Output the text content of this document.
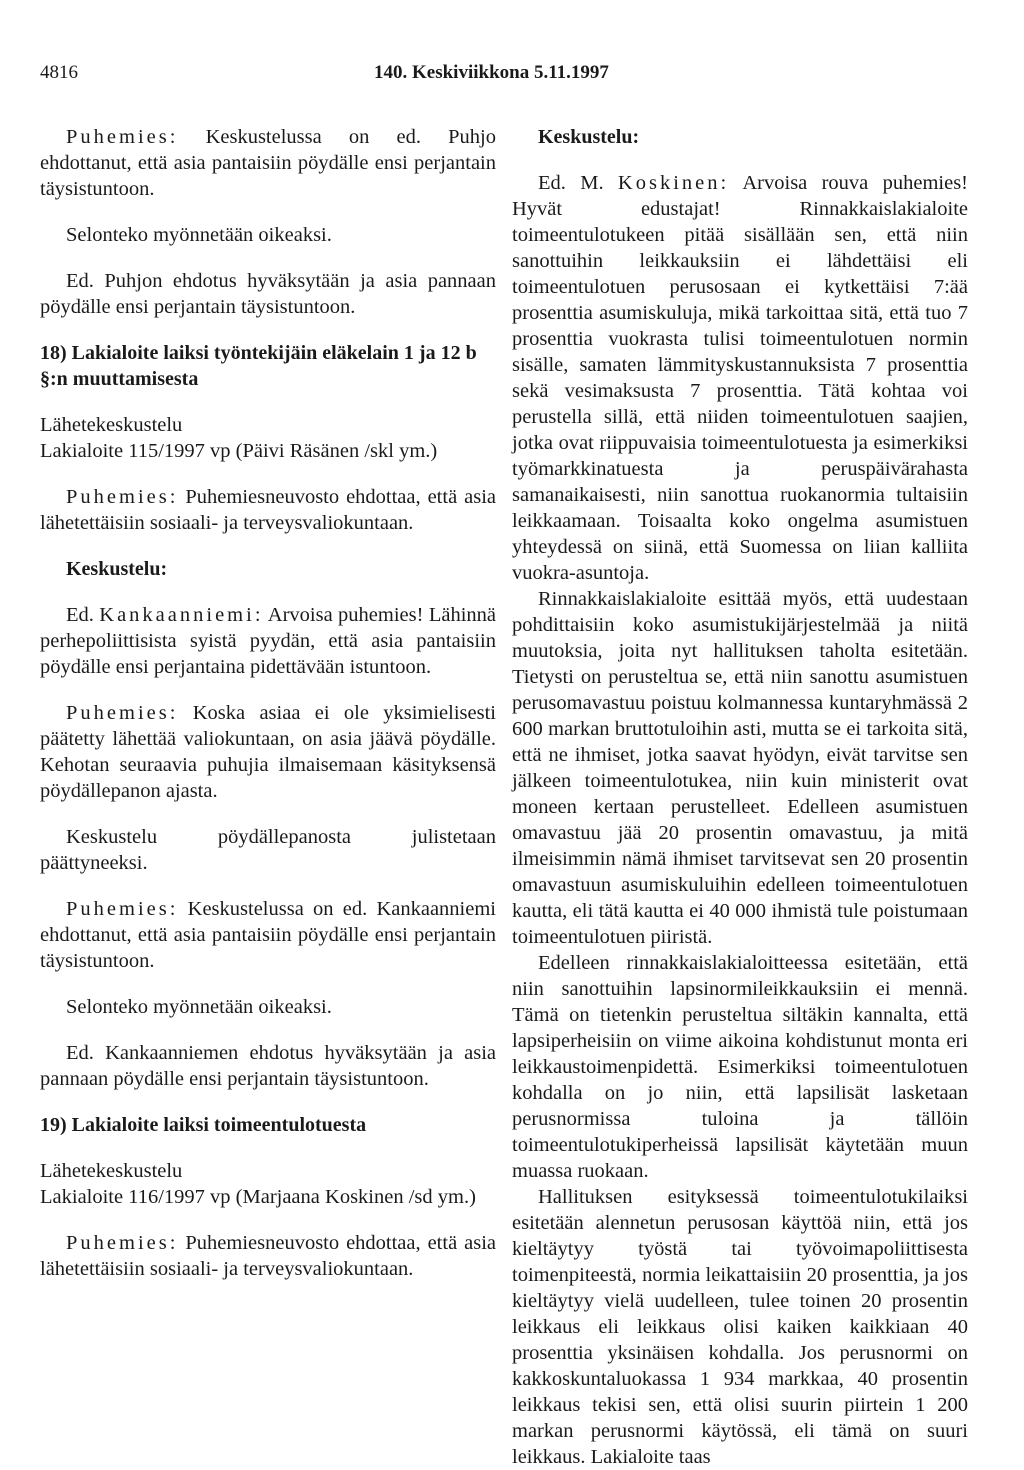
4816	140. Keskiviikkona 5.11.1997

Puhemies: Keskustelussa on ed. Puhjo ehdottanut, että asia pantaisiin pöydälle ensi perjantain täysistuntoon.

Selonteko myönnetään oikeaksi.

Ed. Puhjon ehdotus hyväksytään ja asia pannaan pöydälle ensi perjantain täysistuntoon.

18) Lakialoite laiksi työntekijäin eläkelain 1 ja 12 b §:n muuttamisesta

Lähetekeskustelu

Lakialoite 115/1997 vp (Päivi Räsänen /skl ym.)

Puhemies: Puhemiesneuvosto ehdottaa, että asia lähetettäisiin sosiaali- ja terveysvaliokuntaan.

Keskustelu:

Ed. Kankaanniemi: Arvoisa puhemies! Lähinnä perhepoliittisista syistä pyydän, että asia pantaisiin pöydälle ensi perjantaina pidettävään istuntoon.

Puhemies: Koska asiaa ei ole yksimielisesti päätetty lähettää valiokuntaan, on asia jäävä pöydälle. Kehotan seuraavia puhujia ilmaisemaan käsityksensä pöydällepanon ajasta.

Keskustelu pöydällepanosta julistetaan päättyneeksi.

Puhemies: Keskustelussa on ed. Kankaanniemi ehdottanut, että asia pantaisiin pöydälle ensi perjantain täysistuntoon.

Selonteko myönnetään oikeaksi.

Ed. Kankaanniemen ehdotus hyväksytään ja asia pannaan pöydälle ensi perjantain täysistuntoon.

19) Lakialoite laiksi toimeentulotuesta

Lähetekeskustelu

Lakialoite 116/1997 vp (Marjaana Koskinen /sd ym.)

Puhemies: Puhemiesneuvosto ehdottaa, että asia lähetettäisiin sosiaali- ja terveysvaliokuntaan.

Keskustelu:

Ed. M. Koskinen: Arvoisa rouva puhemies! Hyvät edustajat! Rinnakkaislakialoite toimeentulotukeen pitää sisällään sen, että niin sanottuihin leikkauksiin ei lähdettäisi eli toimeentulotuen perusosaan ei kytkettäisi 7:ää prosenttia asumiskuluja, mikä tarkoittaa sitä, että tuo 7 prosenttia vuokrasta tulisi toimeentulotuen normin sisälle, samaten lämmityskustannuksista 7 prosenttia sekä vesimaksusta 7 prosenttia. Tätä kohtaa voi perustella sillä, että niiden toimeentulotuen saajien, jotka ovat riippuvaisia toimeentulotuesta ja esimerkiksi työmarkkinatuesta ja peruspäivärahasta samanaikaisesti, niin sanottua ruokanormia tultaisiin leikkaamaan. Toisaalta koko ongelma asumistuen yhteydessä on siinä, että Suomessa on liian kalliita vuokra-asuntoja.

Rinnakkaislakialoite esittää myös, että uudestaan pohdittaisiin koko asumistukijärjestelmää ja niitä muutoksia, joita nyt hallituksen taholta esitetään. Tietysti on perusteltua se, että niin sanottu asumistuen perusomavastuu poistuu kolmannessa kuntaryhmässä 2 600 markan bruttotuloihin asti, mutta se ei tarkoita sitä, että ne ihmiset, jotka saavat hyödyn, eivät tarvitse sen jälkeen toimeentulotukea, niin kuin ministerit ovat moneen kertaan perustelleet. Edelleen asumistuen omavastuu jää 20 prosentin omavastuu, ja mitä ilmeisimmin nämä ihmiset tarvitsevat sen 20 prosentin omavastuun asumiskuluihin edelleen toimeentulotuen kautta, eli tätä kautta ei 40 000 ihmistä tule poistumaan toimeentulotuen piiristä.

Edelleen rinnakkaislakialoitteessa esitetään, että niin sanottuihin lapsinormileikkauksiin ei mennä. Tämä on tietenkin perusteltua siltäkin kannalta, että lapsiperheisiin on viime aikoina kohdistunut monta eri leikkaustoimenpidettä. Esimerkiksi toimeentulotuen kohdalla on jo niin, että lapsilisät lasketaan perusnormissa tuloina ja tällöin toimeentulotukiperheissä lapsilisät käytetään muun muassa ruokaan.

Hallituksen esityksessä toimeentulotukilaiksi esitetään alennetun perusosan käyttöä niin, että jos kieltäytyy työstä tai työvoimapoliittisesta toimenpiteestä, normia leikattaisiin 20 prosenttia, ja jos kieltäytyy vielä uudelleen, tulee toinen 20 prosentin leikkaus eli leikkaus olisi kaiken kaikkiaan 40 prosenttia yksinäisen kohdalla. Jos perusnormi on kakkoskuntaluokassa 1 934 markkaa, 40 prosentin leikkaus tekisi sen, että olisi suurin piirtein 1 200 markan perusnormi käytössä, eli tämä on suuri leikkaus. Lakialoite taas
